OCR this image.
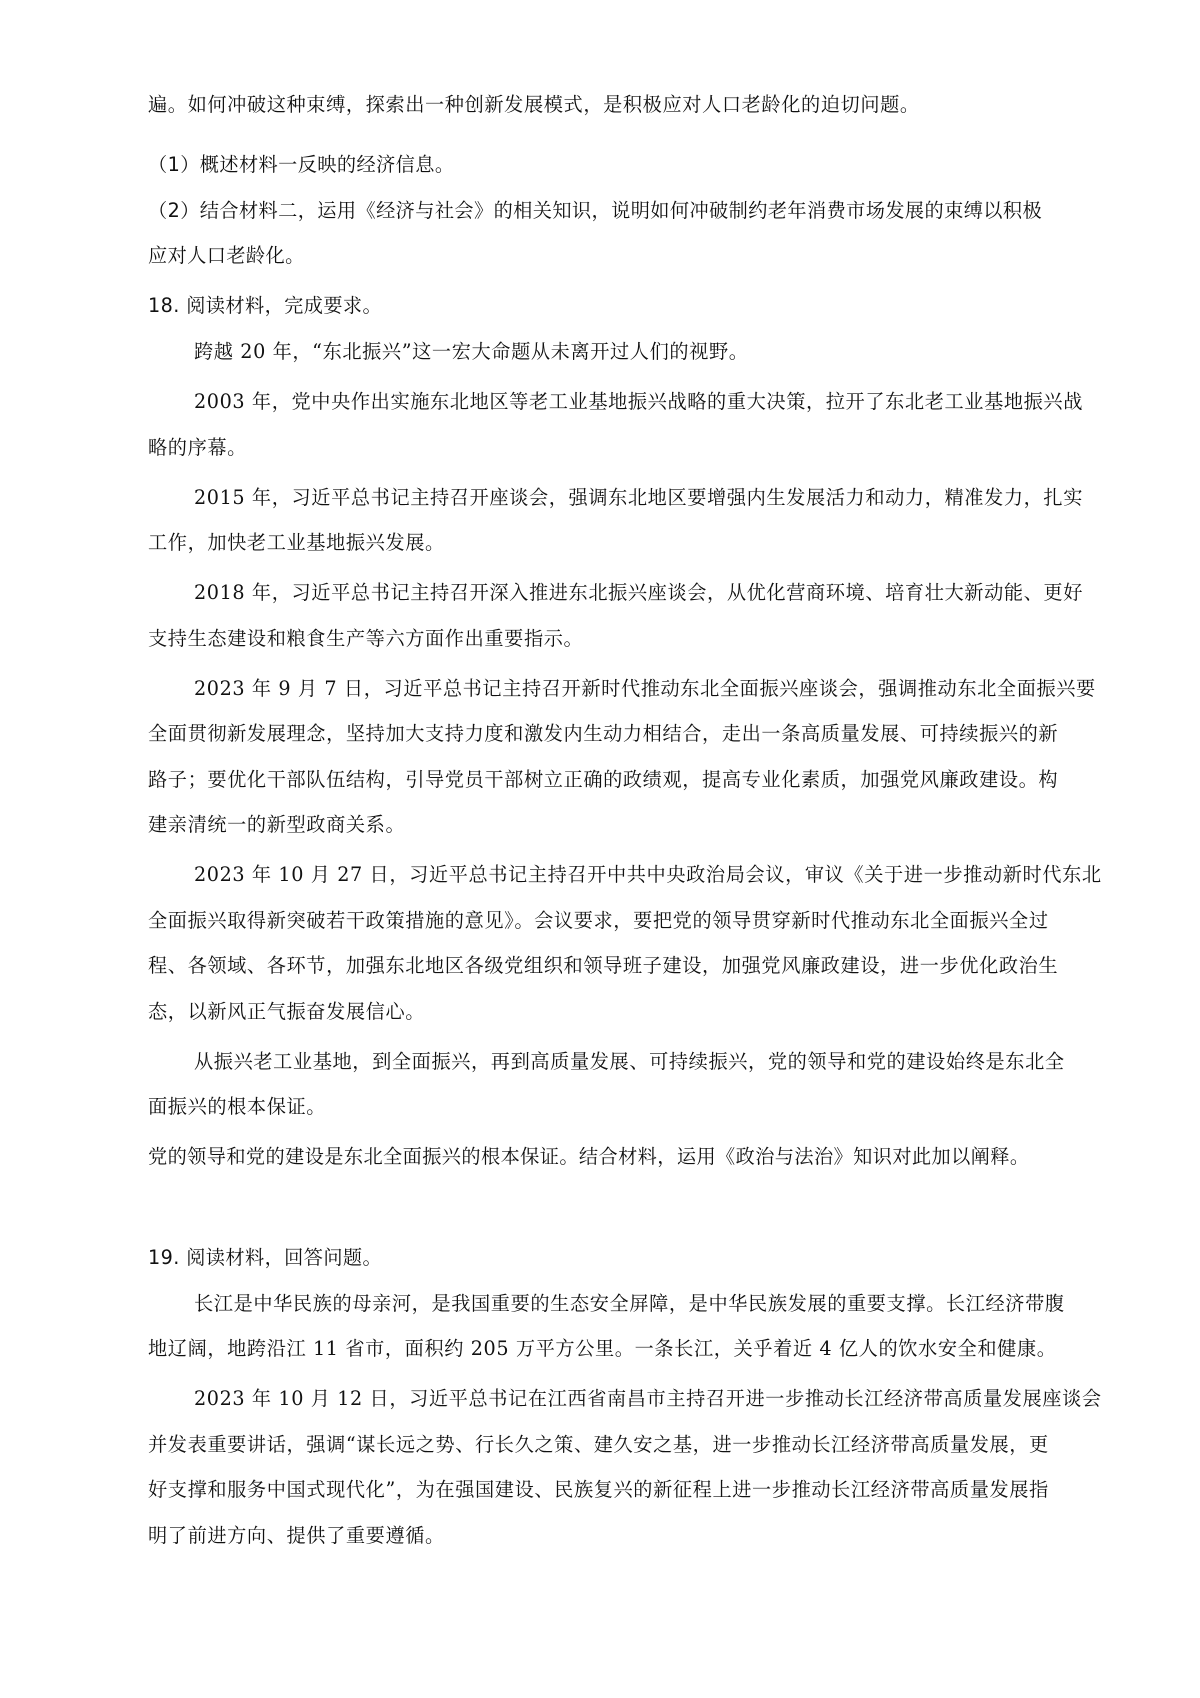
遍。如何冲破这种束缚，探索出一种创新发展模式，是积极应对人口老龄化的迫切问题。
（1）概述材料一反映的经济信息。
（2）结合材料二，运用《经济与社会》的相关知识，说明如何冲破制约老年消费市场发展的束缚以积极
应对人口老龄化。
18. 阅读材料，完成要求。
跨越 20 年，“东北振兴”这一宏大命题从未离开过人们的视野。
2003 年，党中央作出实施东北地区等老工业基地振兴战略的重大决策，拉开了东北老工业基地振兴战
略的序幕。
2015 年，习近平总书记主持召开座谈会，强调东北地区要增强内生发展活力和动力，精准发力，扎实
工作，加快老工业基地振兴发展。
2018 年，习近平总书记主持召开深入推进东北振兴座谈会，从优化营商环境、培育壮大新动能、更好
支持生态建设和粮食生产等六方面作出重要指示。
2023 年 9 月 7 日，习近平总书记主持召开新时代推动东北全面振兴座谈会，强调推动东北全面振兴要
全面贯彻新发展理念，坚持加大支持力度和激发内生动力相结合，走出一条高质量发展、可持续振兴的新
路子；要优化干部队伍结构，引导党员干部树立正确的政绩观，提高专业化素质，加强党风廉政建设。构
建亲清统一的新型政商关系。
2023 年 10 月 27 日，习近平总书记主持召开中共中央政治局会议，审议《关于进一步推动新时代东北
全面振兴取得新突破若干政策措施的意见》。会议要求，要把党的领导贯穿新时代推动东北全面振兴全过
程、各领域、各环节，加强东北地区各级党组织和领导班子建设，加强党风廉政建设，进一步优化政治生
态，以新风正气振奋发展信心。
从振兴老工业基地，到全面振兴，再到高质量发展、可持续振兴，党的领导和党的建设始终是东北全
面振兴的根本保证。
党的领导和党的建设是东北全面振兴的根本保证。结合材料，运用《政治与法治》知识对此加以阐释。
19. 阅读材料，回答问题。
长江是中华民族的母亲河，是我国重要的生态安全屏障，是中华民族发展的重要支撑。长江经济带腹
地辽阔，地跨沿江 11 省市，面积约 205 万平方公里。一条长江，关乎着近 4 亿人的饮水安全和健康。
2023 年 10 月 12 日，习近平总书记在江西省南昌市主持召开进一步推动长江经济带高质量发展座谈会
并发表重要讲话，强调“谋长远之势、行长久之策、建久安之基，进一步推动长江经济带高质量发展，更
好支撑和服务中国式现代化”，为在强国建设、民族复兴的新征程上进一步推动长江经济带高质量发展指
明了前进方向、提供了重要遵循。
